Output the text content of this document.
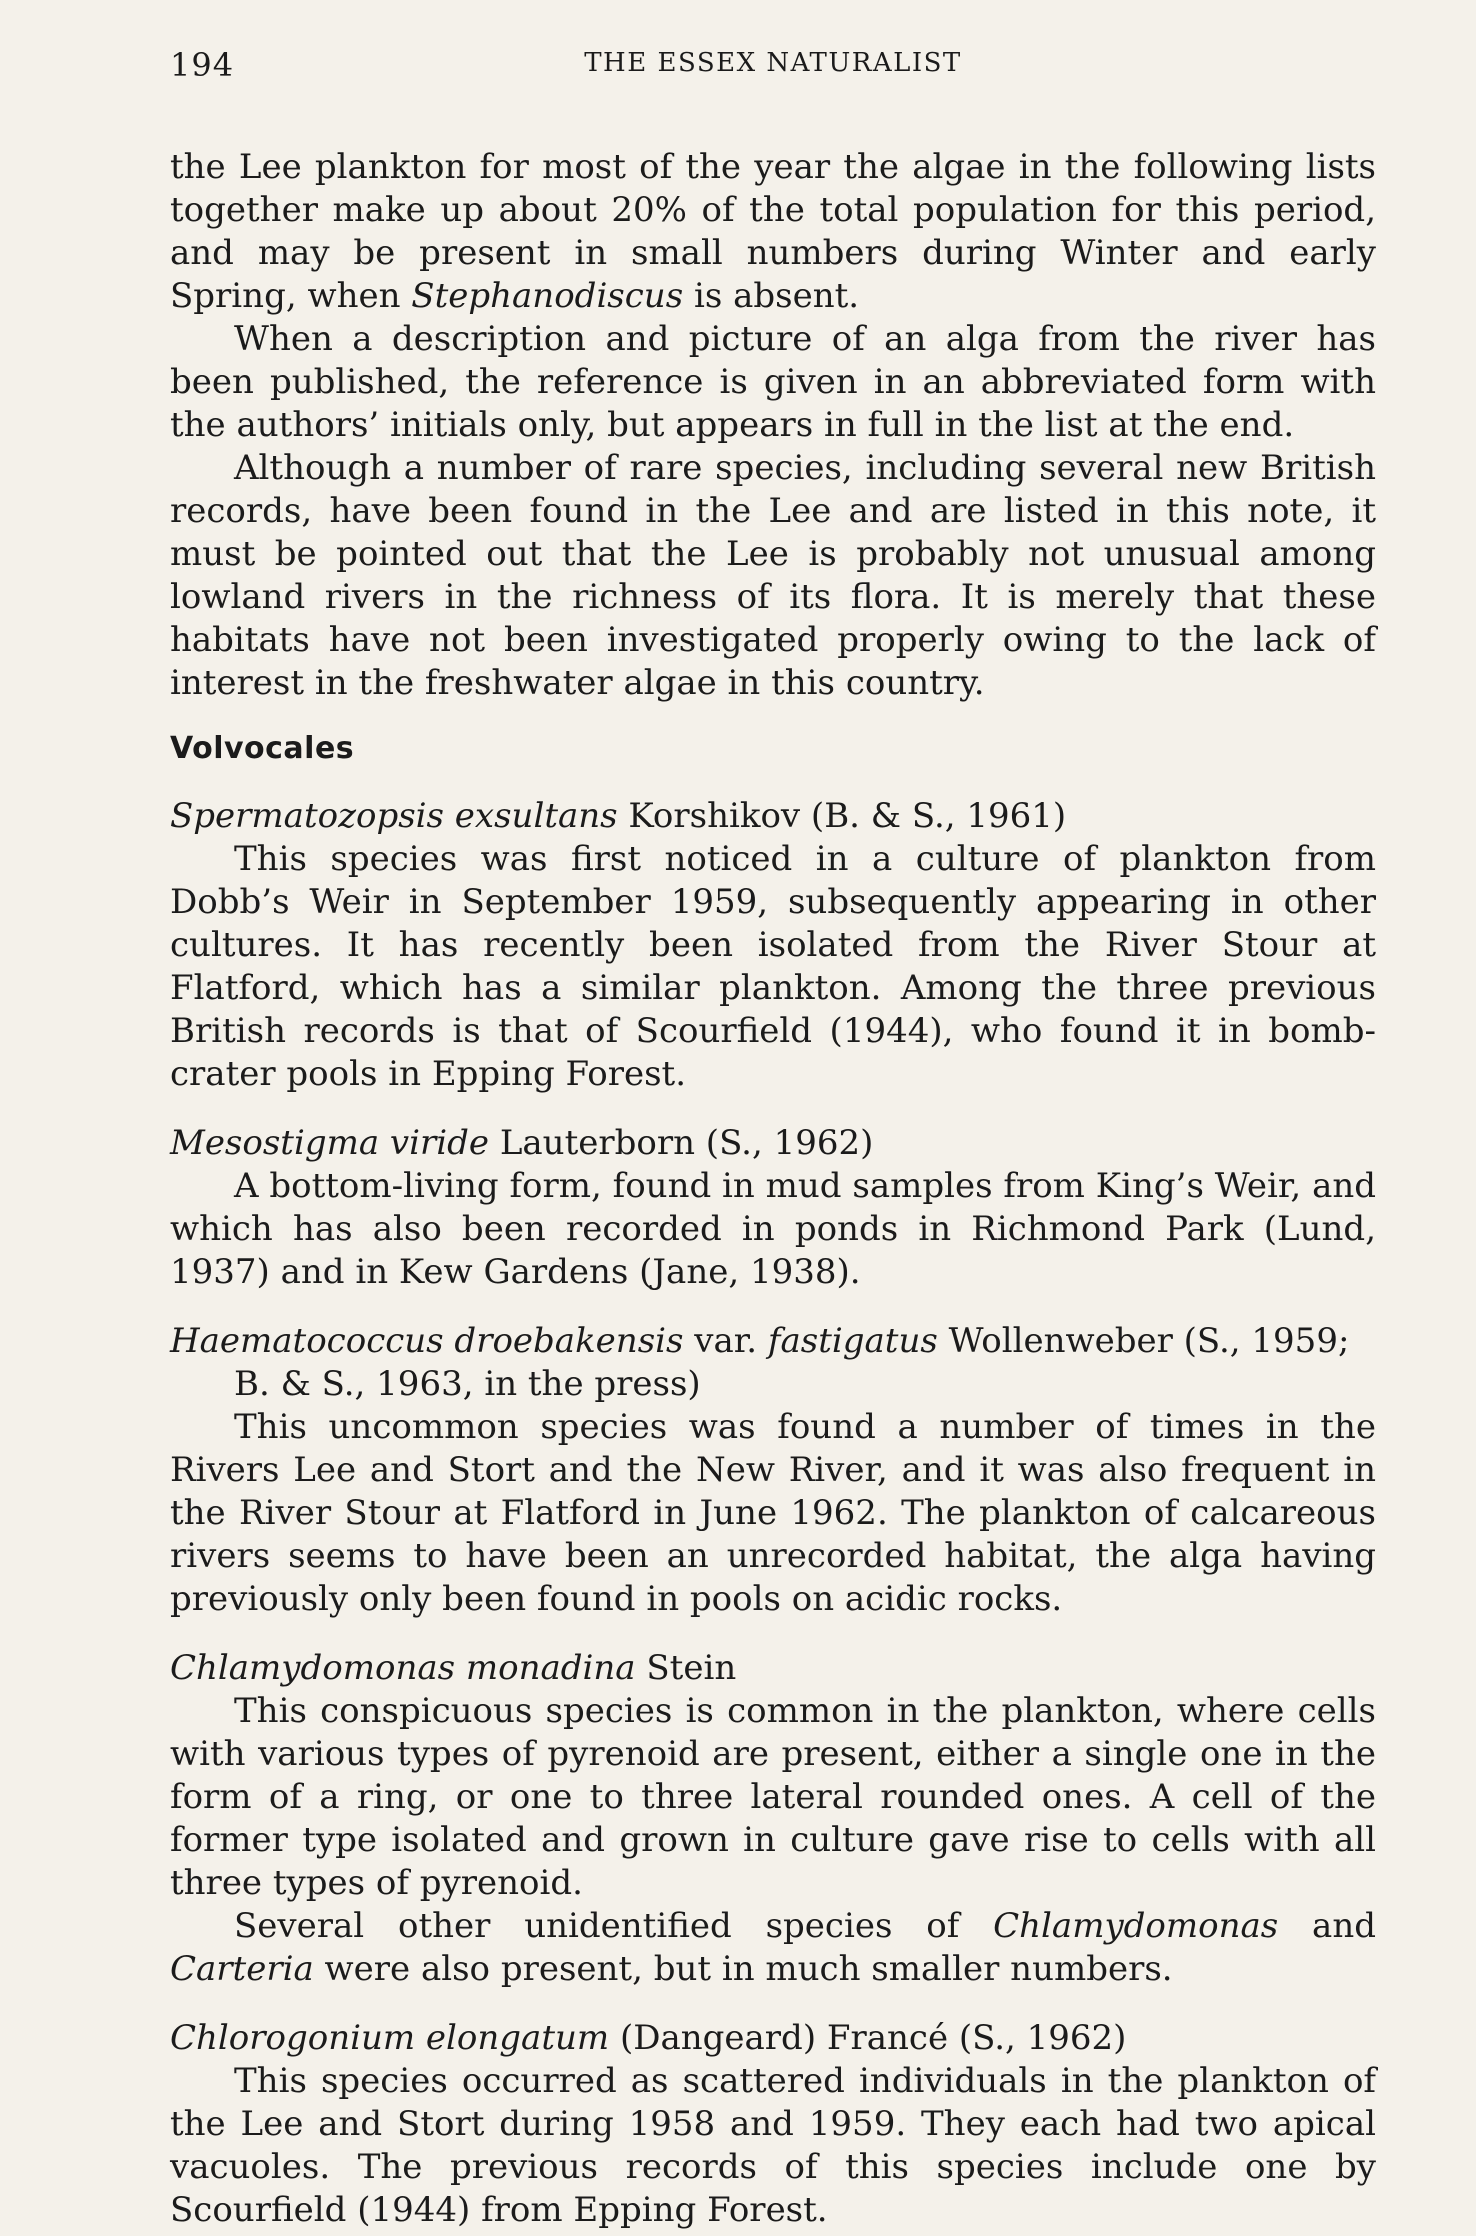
194	THE ESSEX NATURALIST

the Lee plankton for most of the year the algae in the following lists together make up about 20% of the total population for this period, and may be present in small numbers during Winter and early Spring, when Stephanodiscus is absent.

When a description and picture of an alga from the river has been published, the reference is given in an abbreviated form with the authors’ initials only, but appears in full in the list at the end.

Although a number of rare species, including several new British records, have been found in the Lee and are listed in this note, it must be pointed out that the Lee is probably not unusual among lowland rivers in the richness of its flora. It is merely that these habitats have not been investigated properly owing to the lack of interest in the freshwater algae in this country.

Volvocales

Spermatozopsis exsultans Korshikov (B. & S., 1961)

This species was first noticed in a culture of plankton from Dobb’s Weir in September 1959, subsequently appearing in other cultures. It has recently been isolated from the River Stour at Flatford, which has a similar plankton. Among the three previous British records is that of Scourfield (1944), who found it in bomb-crater pools in Epping Forest.

Mesostigma viride Lauterborn (S., 1962)

A bottom-living form, found in mud samples from King’s Weir, and which has also been recorded in ponds in Richmond Park (Lund, 1937) and in Kew Gardens (Jane, 1938).

Haematococcus droebakensis var. fastigatus Wollenweber (S., 1959; B. & S., 1963, in the press)

This uncommon species was found a number of times in the Rivers Lee and Stort and the New River, and it was also frequent in the River Stour at Flatford in June 1962. The plankton of calcareous rivers seems to have been an unrecorded habitat, the alga having previously only been found in pools on acidic rocks.

Chlamydomonas monadina Stein

This conspicuous species is common in the plankton, where cells with various types of pyrenoid are present, either a single one in the form of a ring, or one to three lateral rounded ones. A cell of the former type isolated and grown in culture gave rise to cells with all three types of pyrenoid.

Several other unidentified species of Chlamydomonas and Carteria were also present, but in much smaller numbers.

Chlorogonium elongatum (Dangeard) Francé (S., 1962)

This species occurred as scattered individuals in the plankton of the Lee and Stort during 1958 and 1959. They each had two apical vacuoles. The previous records of this species include one by Scourfield (1944) from Epping Forest.
